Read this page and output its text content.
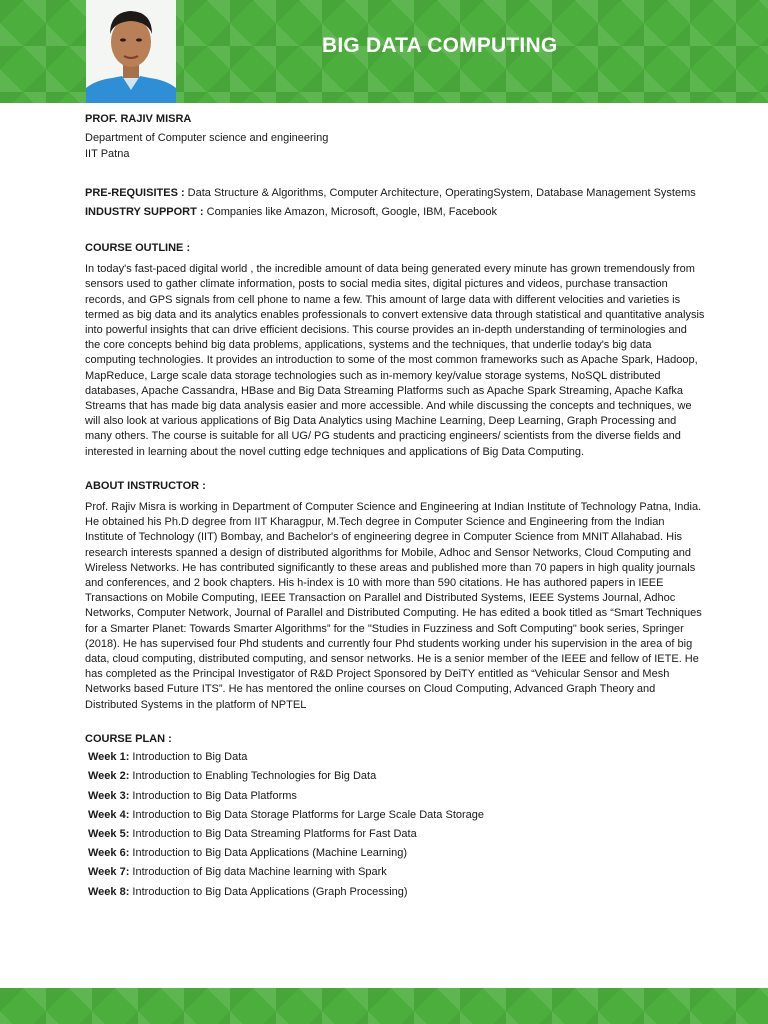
BIG DATA COMPUTING

PROF. RAJIV MISRA

Department of Computer science and engineering

IIT Patna

PRE-REQUISITES : Data Structure & Algorithms, Computer Architecture, OperatingSystem, Database Management Systems

INDUSTRY SUPPORT : Companies like Amazon, Microsoft, Google, IBM, Facebook

COURSE OUTLINE :

In today's fast-paced digital world , the incredible amount of data being generated every minute has grown tremendously from sensors used to gather climate information, posts to social media sites, digital pictures and videos, purchase transaction records, and GPS signals from cell phone to name a few. This amount of large data with different velocities and varieties is termed as big data and its analytics enables professionals to convert extensive data through statistical and quantitative analysis into powerful insights that can drive efficient decisions. This course provides an in-depth understanding of terminologies and the core concepts behind big data problems, applications, systems and the techniques, that underlie today's big data computing technologies. It provides an introduction to some of the most common frameworks such as Apache Spark, Hadoop, MapReduce, Large scale data storage technologies such as in-memory key/value storage systems, NoSQL distributed databases, Apache Cassandra, HBase and Big Data Streaming Platforms such as Apache Spark Streaming, Apache Kafka Streams that has made big data analysis easier and more accessible. And while discussing the concepts and techniques, we will also look at various applications of Big Data Analytics using Machine Learning, Deep Learning, Graph Processing and many others. The course is suitable for all UG/ PG students and practicing engineers/ scientists from the diverse fields and interested in learning about the novel cutting edge techniques and applications of Big Data Computing.

ABOUT INSTRUCTOR :

Prof. Rajiv Misra is working in Department of Computer Science and Engineering at Indian Institute of Technology Patna, India. He obtained his Ph.D degree from IIT Kharagpur, M.Tech degree in Computer Science and Engineering from the Indian Institute of Technology (IIT) Bombay, and Bachelor's of engineering degree in Computer Science from MNIT Allahabad. His research interests spanned a design of distributed algorithms for Mobile, Adhoc and Sensor Networks, Cloud Computing and Wireless Networks. He has contributed significantly to these areas and published more than 70 papers in high quality journals and conferences, and 2 book chapters. His h-index is 10 with more than 590 citations. He has authored papers in IEEE Transactions on Mobile Computing, IEEE Transaction on Parallel and Distributed Systems, IEEE Systems Journal, Adhoc Networks, Computer Network, Journal of Parallel and Distributed Computing. He has edited a book titled as “Smart Techniques for a Smarter Planet: Towards Smarter Algorithms” for the "Studies in Fuzziness and Soft Computing" book series, Springer (2018). He has supervised four Phd students and currently four Phd students working under his supervision in the area of big data, cloud computing, distributed computing, and sensor networks. He is a senior member of the IEEE and fellow of IETE. He has completed as the Principal Investigator of R&D Project Sponsored by DeiTY entitled as “Vehicular Sensor and Mesh Networks based Future ITS”. He has mentored the online courses on Cloud Computing, Advanced Graph Theory and Distributed Systems in the platform of NPTEL

COURSE PLAN :

Week 1: Introduction to Big Data
Week 2: Introduction to Enabling Technologies for Big Data
Week 3: Introduction to Big Data Platforms
Week 4: Introduction to Big Data Storage Platforms for Large Scale Data Storage
Week 5: Introduction to Big Data Streaming Platforms for Fast Data
Week 6: Introduction to Big Data Applications (Machine Learning)
Week 7: Introduction of Big data Machine learning with Spark
Week 8: Introduction to Big Data Applications (Graph Processing)
